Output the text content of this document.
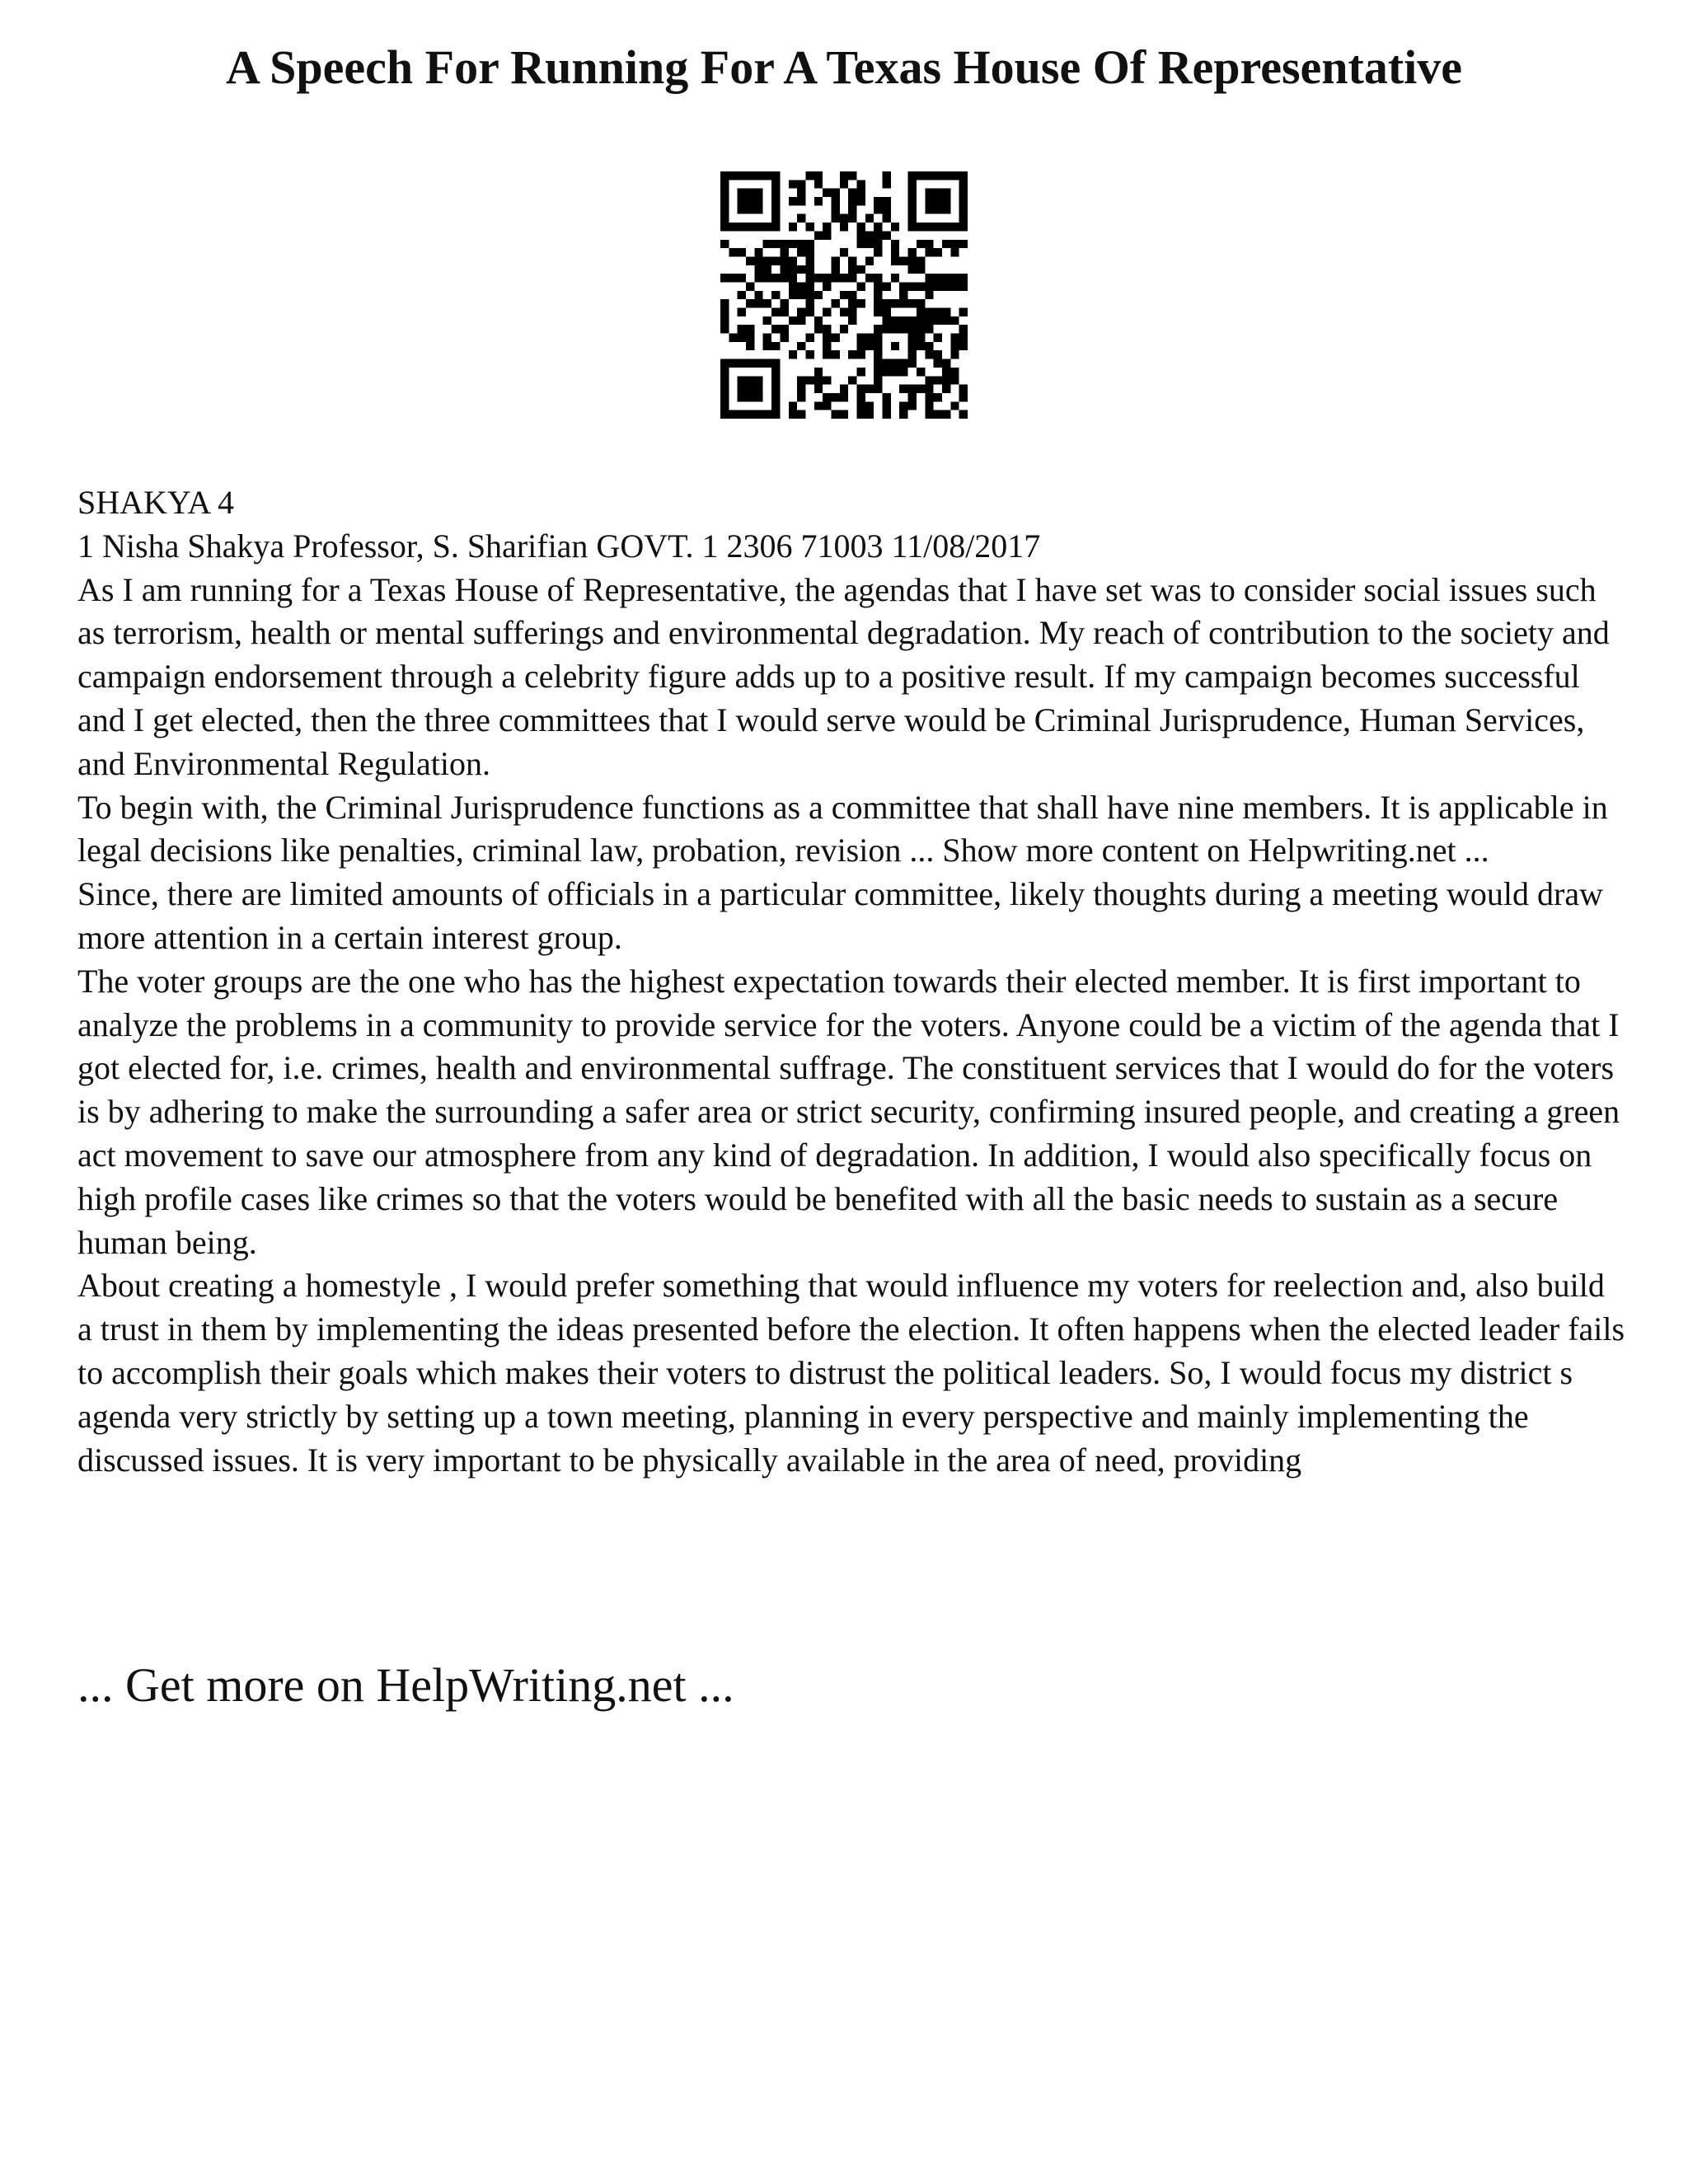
A Speech For Running For A Texas House Of Representative

SHAKYA 4

1 Nisha Shakya Professor, S. Sharifian GOVT. 1 2306 71003 11/08/2017

As I am running for a Texas House of Representative, the agendas that I have set was to consider social issues such as terrorism, health or mental sufferings and environmental degradation. My reach of contribution to the society and campaign endorsement through a celebrity figure adds up to a positive result. If my campaign becomes successful and I get elected, then the three committees that I would serve would be Criminal Jurisprudence, Human Services, and Environmental Regulation.

To begin with, the Criminal Jurisprudence functions as a committee that shall have nine members. It is applicable in legal decisions like penalties, criminal law, probation, revision ... Show more content on Helpwriting.net ...

Since, there are limited amounts of officials in a particular committee, likely thoughts during a meeting would draw more attention in a certain interest group.

The voter groups are the one who has the highest expectation towards their elected member. It is first important to analyze the problems in a community to provide service for the voters. Anyone could be a victim of the agenda that I got elected for, i.e. crimes, health and environmental suffrage. The constituent services that I would do for the voters is by adhering to make the surrounding a safer area or strict security, confirming insured people, and creating a green act movement to save our atmosphere from any kind of degradation. In addition, I would also specifically focus on high profile cases like crimes so that the voters would be benefited with all the basic needs to sustain as a secure human being.

About creating a homestyle , I would prefer something that would influence my voters for reelection and, also build a trust in them by implementing the ideas presented before the election. It often happens when the elected leader fails to accomplish their goals which makes their voters to distrust the political leaders. So, I would focus my district s agenda very strictly by setting up a town meeting, planning in every perspective and mainly implementing the discussed issues. It is very important to be physically available in the area of need, providing

... Get more on HelpWriting.net ...
